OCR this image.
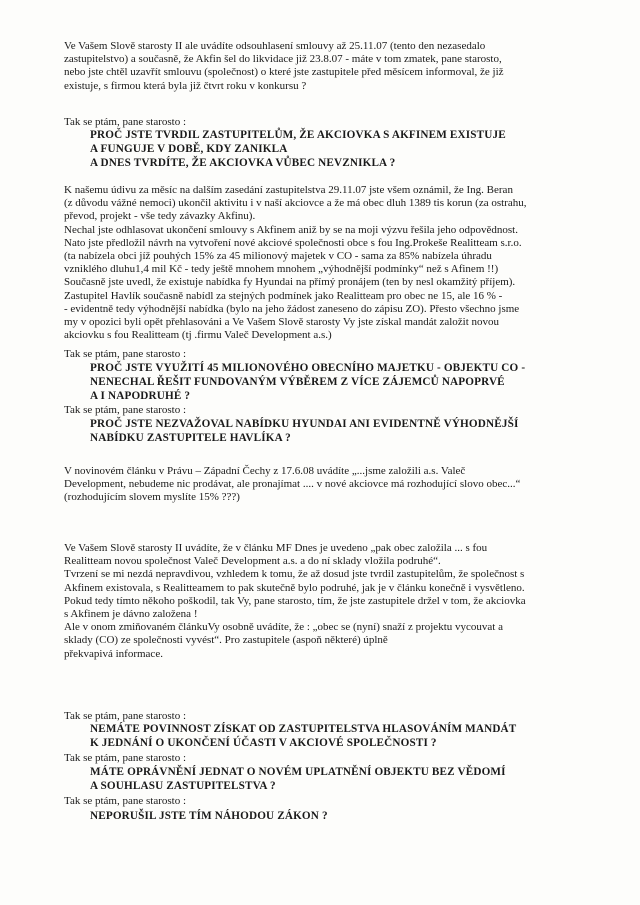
Ve Vašem Slově starosty II ale uvádíte odsouhlasení smlouvy až 25.11.07 (tento den nezasedalo
zastupitelstvo) a současně, že Akfin šel do likvidace již 23.8.07 - máte v tom zmatek, pane starosto,
nebo jste chtěl uzavřít smlouvu (společnost) o které jste zastupitele před měsícem informoval, že již
existuje, s firmou která byla již čtvrt roku v konkursu ?
Tak se ptám, pane starosto :
PROČ JSTE TVRDIL ZASTUPITELŮM, ŽE AKCIOVKA S AKFINEM EXISTUJE
A FUNGUJE V DOBĚ, KDY ZANIKLA
A DNES TVRDÍTE, ŽE AKCIOVKA VŮBEC NEVZNIKLA ?
K našemu údivu za měsíc na dalším zasedání zastupitelstva 29.11.07 jste všem oznámil, že Ing. Beran
(z důvodu vážné nemoci) ukončil aktivitu i v naší akciovce a že má obec dluh 1389 tis korun (za ostrahu,
převod, projekt - vše tedy závazky Akfinu).
Nechal jste odhlasovat ukončení smlouvy s Akfinem aniž by se na moji výzvu řešila jeho odpovědnost.
Nato jste předložil návrh na vytvoření nové akciové společnosti obce s fou Ing.Prokeše Realitteam s.r.o.
(ta nabízela obci jíž pouhých 15% za 45 milionový majetek v CO - sama za 85% nabízela úhradu
vzniklého dluhu1,4 mil Kč - tedy ještě mnohem mnohem „výhodnější podmínky“ než s Afinem !!)
Současně jste uvedl, že existuje nabídka fy Hyundai na přímý pronájem (ten by nesl okamžitý příjem).
Zastupitel Havlík současně nabídl za stejných podmínek jako Realitteam pro obec ne 15, ale 16 % -
- evidentně tedy výhodnější nabídka (bylo na jeho žádost zaneseno do zápisu ZO). Přesto všechno jsme
my v opozici byli opět přehlasováni a Ve Vašem Slově starosty Vy jste získal mandát založit novou
akciovku s fou Realitteam (tj .firmu Valeč Development a.s.)
Tak se ptám, pane starosto :
PROČ JSTE VYUŽITÍ 45 MILIONOVÉHO OBECNÍHO MAJETKU - OBJEKTU CO -
NENECHAL ŘEŠIT FUNDOVANÝM VÝBĚREM Z VÍCE ZÁJEMCŮ NAPOPRVÉ
A I NAPODRUHÉ ?
Tak se ptám, pane starosto :
PROČ JSTE NEZVAŽOVAL NABÍDKU HYUNDAI ANI EVIDENTNĚ VÝHODNĚJŠÍ
NABÍDKU ZASTUPITELE HAVLÍKA ?
V novinovém článku v Právu – Západní Čechy z 17.6.08 uvádíte „...jsme založili a.s. Valeč
Development, nebudeme nic prodávat, ale pronajímat .... v nové akciovce má rozhodující slovo obec...“
(rozhodujícím slovem myslíte 15% ???)
Ve Vašem Slově starosty II uvádíte, že v článku MF Dnes je uvedeno „pak obec založila ... s fou
Realitteam novou společnost Valeč Development a.s. a do ní sklady vložila podruhé“.
Tvrzení se mi nezdá nepravdivou, vzhledem k tomu, že až dosud jste tvrdil zastupitelům, že společnost s
Akfinem existovala, s Realitteamem to pak skutečně bylo podruhé, jak je v článku konečně i vysvětleno.
Pokud tedy tímto někoho poškodil, tak Vy, pane starosto, tím, že jste zastupitele držel v tom, že akciovka
s Akfinem je dávno založena !
Ale v onom zmiňovaném článkuVy osobně uvádíte, že : „obec se (nyní) snaží z projektu vycouvat a
sklady (CO) ze společnosti vyvést“. Pro zastupitele (aspoň některé) úplně
překvapivá informace.
Tak se ptám, pane starosto :
NEMÁTE POVINNOST ZÍSKAT OD ZASTUPITELSTVA HLASOVÁNÍM MANDÁT
K JEDNÁNÍ O UKONČENÍ ÚČASTI V AKCIOVÉ SPOLEČNOSTI ?
Tak se ptám, pane starosto :
MÁTE OPRÁVNĚNÍ JEDNAT O NOVÉM UPLATNĚNÍ OBJEKTU BEZ VĚDOMÍ
A SOUHLASU ZASTUPITELSTVA ?
Tak se ptám, pane starosto :
NEPORUŠIL JSTE TÍM NÁHODOU ZÁKON ?
